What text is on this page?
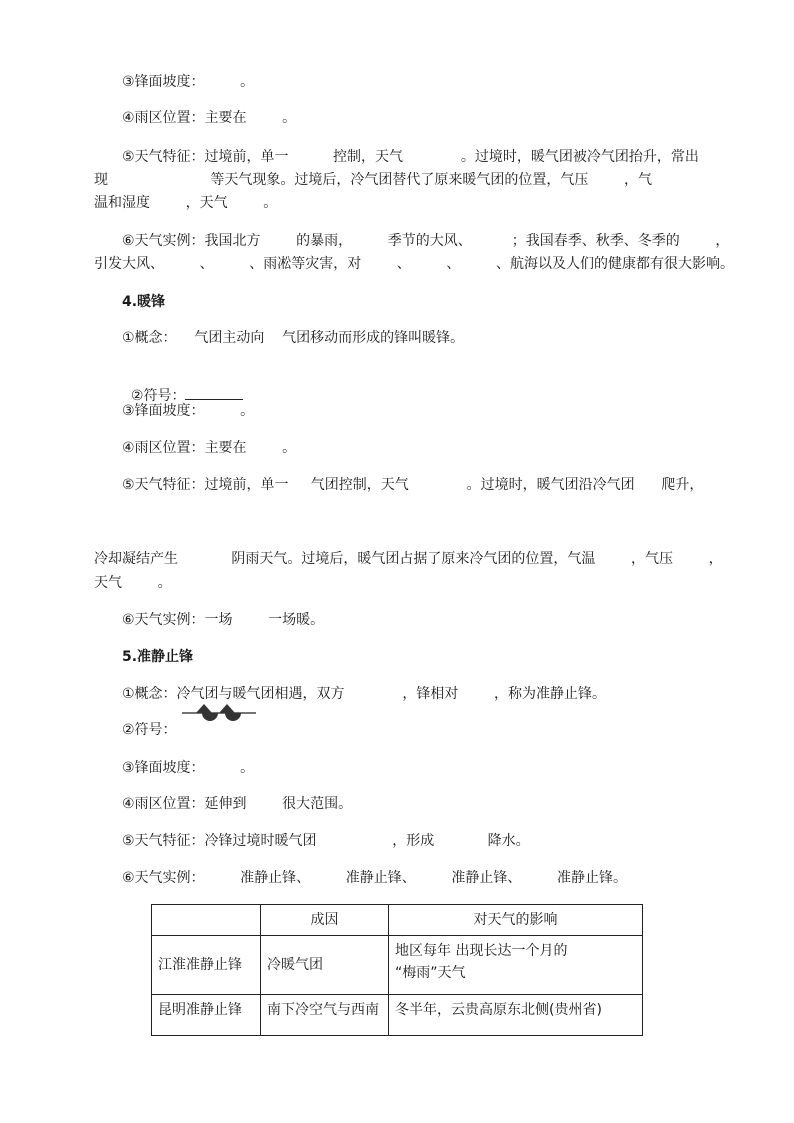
③锋面坡度：        。
④雨区位置：主要在        。
⑤天气特征：过境前，单一          控制，天气             。过境时，暖气团被冷气团抬升，常出
现                       等天气现象。过境后，冷气团替代了原来暖气团的位置，气压        ，气
温和湿度        ，天气        。
⑥天气实例：我国北方        的暴雨，        季节的大风、         ；我国春季、秋季、冬季的        ，
引发大风、        、        、雨凇等灾害，对        、        、        、航海以及人们的健康都有很大影响。
4.暖锋
①概念：    气团主动向    气团移动而形成的锋叫暖锋。

②符号：

③锋面坡度：        。
④雨区位置：主要在        。
⑤天气特征：过境前，单一     气团控制，天气             。过境时，暖气团沿冷气团      爬升，
冷却凝结产生            阴雨天气。过境后，暖气团占据了原来冷气团的位置，气温        ，气压        ，
天气        。
⑥天气实例：一场        一场暖。
5.准静止锋
①概念：冷气团与暖气团相遇，双方             ，锋相对        ，称为准静止锋。
②符号：
③锋面坡度：        。
④雨区位置：延伸到        很大范围。
⑤天气特征：冷锋过境时暖气团                 ，形成            降水。
⑥天气实例：        准静止锋、        准静止锋、        准静止锋、        准静止锋。
	成因	对天气的影响
江淮准静止锋	冷暖气团	地区每年 出现长达一个月的
“梅雨”天气
昆明准静止锋	南下冷空气与西南	冬半年，云贵高原东北侧(贵州省)
